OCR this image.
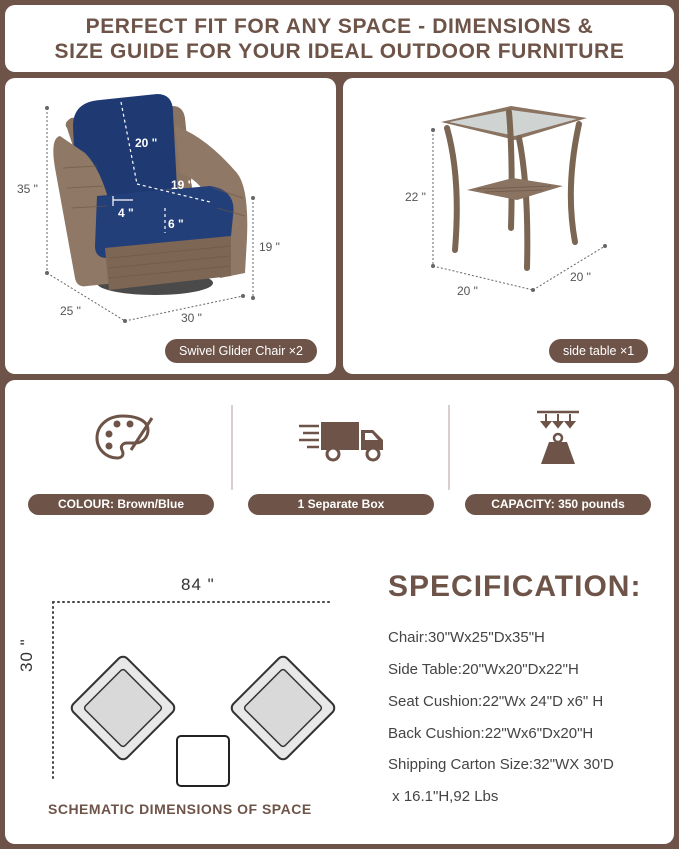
PERFECT FIT FOR ANY SPACE - DIMENSIONS &
SIZE GUIDE FOR YOUR IDEAL OUTDOOR FURNITURE
35 "
25 "	30 "
19 "
20 "
19 "
4 "
6 "
Swivel Glider Chair ×2
22 "
20 "
20 "
side table ×1
COLOUR: Brown/Blue	1 Separate Box	CAPACITY: 350 pounds
84 "
30 "
SCHEMATIC DIMENSIONS OF SPACE
SPECIFICATION:
Chair:30"Wx25"Dx35"H
Side Table:20"Wx20"Dx22"H
Seat Cushion:22"Wx 24"D x6" H
Back Cushion:22"Wx6"Dx20"H
Shipping Carton Size:32"WX 30'D
x 16.1"H,92 Lbs
